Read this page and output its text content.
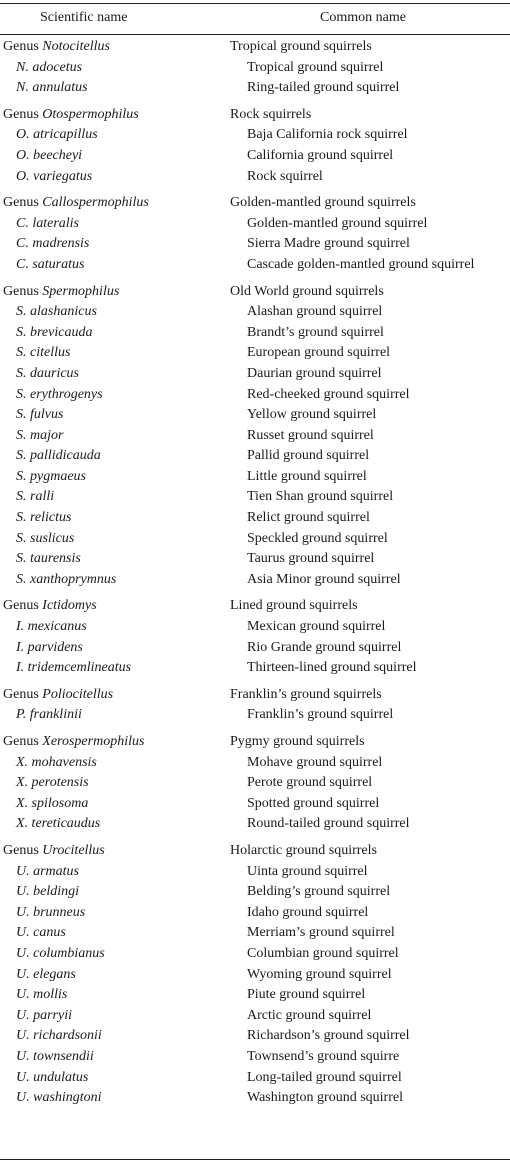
Scientific name	Common name
Genus Notocitellus	Tropical ground squirrels
N. adocetus	Tropical ground squirrel
N. annulatus	Ring-tailed ground squirrel
Genus Otospermophilus	Rock squirrels
O. atricapillus	Baja California rock squirrel
O. beecheyi	California ground squirrel
O. variegatus	Rock squirrel
Genus Callospermophilus	Golden-mantled ground squirrels
C. lateralis	Golden-mantled ground squirrel
C. madrensis	Sierra Madre ground squirrel
C. saturatus	Cascade golden-mantled ground squirrel
Genus Spermophilus	Old World ground squirrels
S. alashanicus	Alashan ground squirrel
S. brevicauda	Brandt’s ground squirrel
S. citellus	European ground squirrel
S. dauricus	Daurian ground squirrel
S. erythrogenys	Red-cheeked ground squirrel
S. fulvus	Yellow ground squirrel
S. major	Russet ground squirrel
S. pallidicauda	Pallid ground squirrel
S. pygmaeus	Little ground squirrel
S. ralli	Tien Shan ground squirrel
S. relictus	Relict ground squirrel
S. suslicus	Speckled ground squirrel
S. taurensis	Taurus ground squirrel
S. xanthoprymnus	Asia Minor ground squirrel
Genus Ictidomys	Lined ground squirrels
I. mexicanus	Mexican ground squirrel
I. parvidens	Rio Grande ground squirrel
I. tridemcemlineatus	Thirteen-lined ground squirrel
Genus Poliocitellus	Franklin’s ground squirrels
P. franklinii	Franklin’s ground squirrel
Genus Xerospermophilus	Pygmy ground squirrels
X. mohavensis	Mohave ground squirrel
X. perotensis	Perote ground squirrel
X. spilosoma	Spotted ground squirrel
X. tereticaudus	Round-tailed ground squirrel
Genus Urocitellus	Holarctic ground squirrels
U. armatus	Uinta ground squirrel
U. beldingi	Belding’s ground squirrel
U. brunneus	Idaho ground squirrel
U. canus	Merriam’s ground squirrel
U. columbianus	Columbian ground squirrel
U. elegans	Wyoming ground squirrel
U. mollis	Piute ground squirrel
U. parryii	Arctic ground squirrel
U. richardsonii	Richardson’s ground squirrel
U. townsendii	Townsend’s ground squirre
U. undulatus	Long-tailed ground squirrel
U. washingtoni	Washington ground squirrel
